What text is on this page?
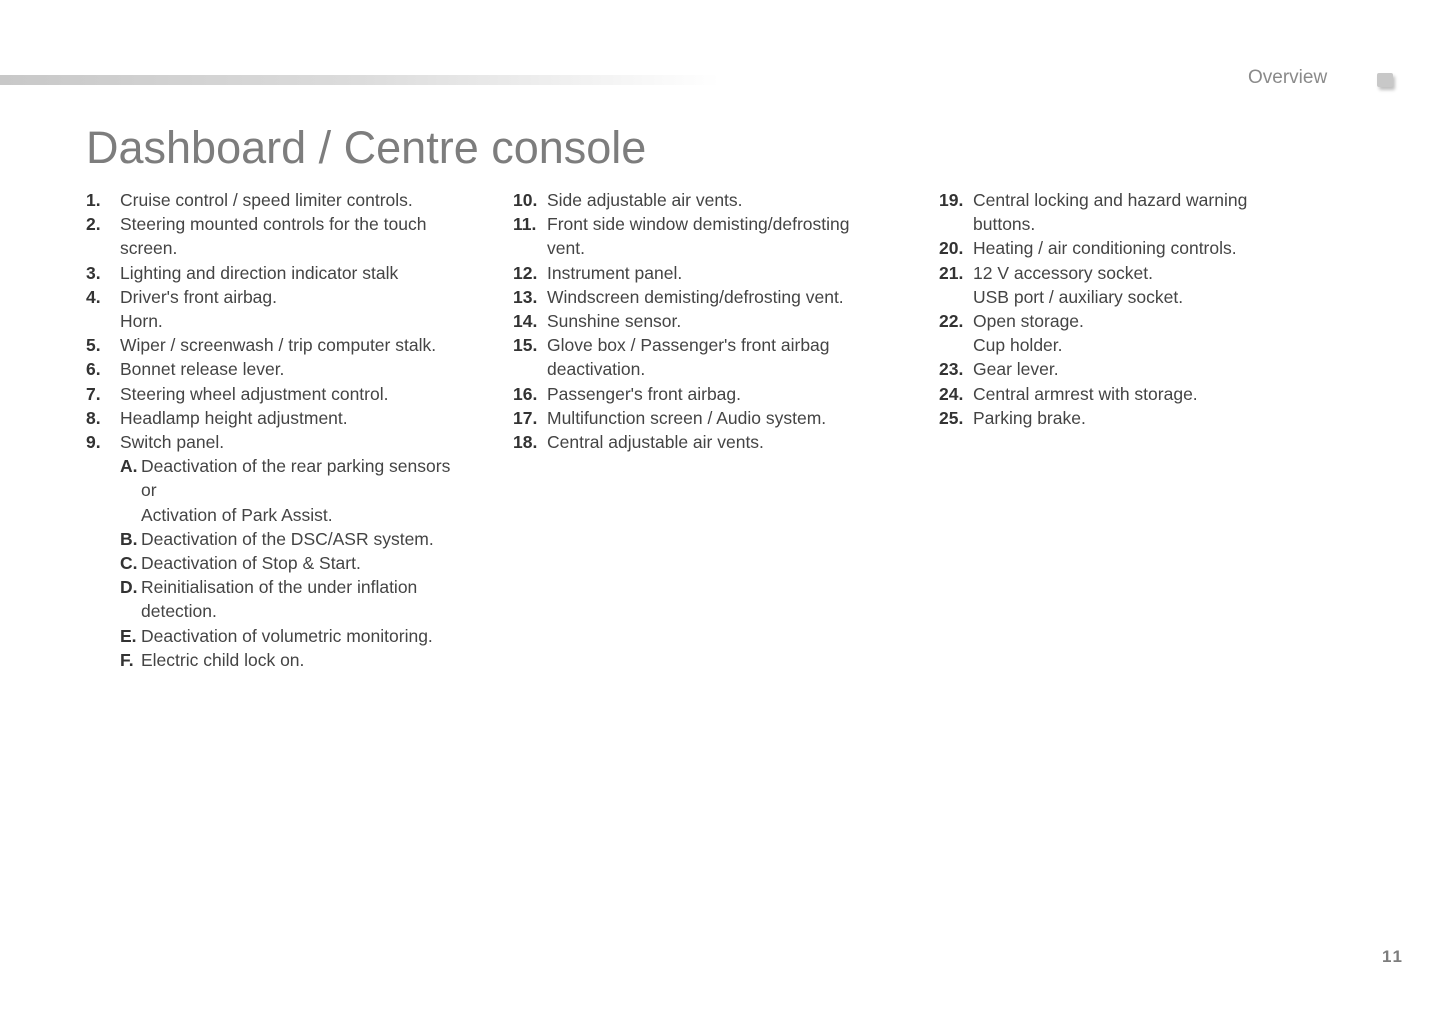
Overview
Dashboard / Centre console
1.	Cruise control / speed limiter controls.
2.	Steering mounted controls for the touch
screen.
3.	Lighting and direction indicator stalk
4.	Driver's front airbag.
Horn.
5.	Wiper / screenwash / trip computer stalk.
6.	Bonnet release lever.
7.	Steering wheel adjustment control.
8.	Headlamp height adjustment.
9.	Switch panel.
A. Deactivation of the rear parking sensors
or
Activation of Park Assist.
B. Deactivation of the DSC/ASR system.
C. Deactivation of Stop & Start.
D. Reinitialisation of the under inflation
detection.
E. Deactivation of volumetric monitoring.
F. Electric child lock on.
10. Side adjustable air vents.
11. Front side window demisting/defrosting
vent.
12. Instrument panel.
13. Windscreen demisting/defrosting vent.
14. Sunshine sensor.
15. Glove box / Passenger's front airbag
deactivation.
16. Passenger's front airbag.
17. Multifunction screen / Audio system.
18. Central adjustable air vents.
19. Central locking and hazard warning
buttons.
20. Heating / air conditioning controls.
21. 12 V accessory socket.
USB port / auxiliary socket.
22. Open storage.
Cup holder.
23. Gear lever.
24. Central armrest with storage.
25. Parking brake.
11
